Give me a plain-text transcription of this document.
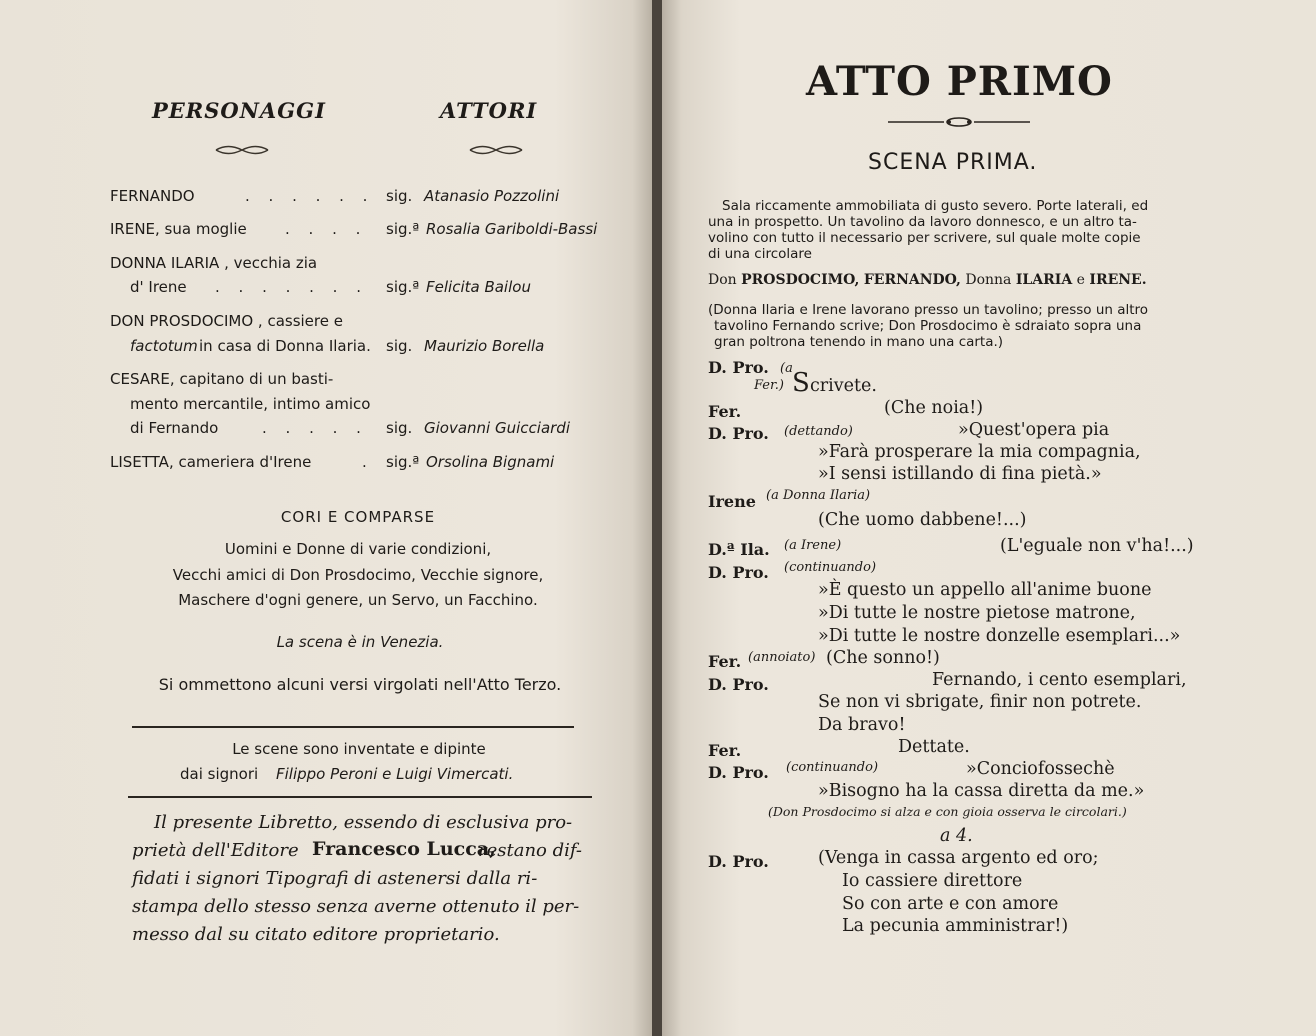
PERSONAGGI	ATTORI
FERNANDO	. . . . . . sig. Atanasio Pozzolini
IRENE, sua moglie	. . . . sig.ª Rosalia Gariboldi-Bassi
DONNA ILARIA , vecchia zia
d' Irene . . . . . . . sig.ª Felicita Bailou
DON PROSDOCIMO , cassiere e
factotum in casa di Donna Ilaria. sig. Maurizio Borella
CESARE, capitano di un basti-
mento mercantile, intimo amico
di Fernando	. . . . . sig. Giovanni Guicciardi
LISETTA, cameriera d'Irene	. sig.ª Orsolina Bignami
CORI E COMPARSE
Uomini e Donne di varie condizioni,
Vecchi amici di Don Prosdocimo, Vecchie signore,
Maschere d'ogni genere, un Servo, un Facchino.
La scena è in Venezia.
Si ommettono alcuni versi virgolati nell'Atto Terzo.
Le scene sono inventate e dipinte
dai signori Filippo Peroni e Luigi Vimercati.
Il presente Libretto, essendo di esclusiva pro-
prietà dell'Editore Francesco Lucca,
restano dif-
fidati i signori Tipografi di astenersi dalla ri-
stampa dello stesso senza averne ottenuto il per-
messo dal su citato editore proprietario.
ATTO PRIMO
SCENA PRIMA.
Sala riccamente ammobiliata di gusto severo. Porte laterali, ed
una in prospetto. Un tavolino da lavoro donnesco, e un altro ta-
volino con tutto il necessario per scrivere, sul quale molte copie
di una circolare
Don PROSDOCIMO, FERNANDO, Donna ILARIA e IRENE.
(Donna Ilaria e Irene lavorano presso un tavolino; presso un altro
tavolino Fernando scrive; Don Prosdocimo è sdraiato sopra una
gran poltrona tenendo in mano una carta.)
D. Pro. (a
Fer.) S crivete.
Fer.	(Che noia!)
D. Pro. (dettando)	»Quest'opera pia
»Farà prosperare la mia compagnia,
»I sensi istillando di fina pietà.»
Irene (a Donna Ilaria)
(Che uomo dabbene!...)
D.ª Ila. (a Irene)	(L'eguale non v'ha!...)
D. Pro. (continuando)
»È questo un appello all'anime buone
»Di tutte le nostre pietose matrone,
»Di tutte le nostre donzelle esemplari...»
Fer. (annoiato) (Che sonno!)
D. Pro.	Fernando, i cento esemplari,
Se non vi sbrigate, finir non potrete.
Da bravo!
Fer.	Dettate.
D. Pro. (continuando)	»Conciofossechè
»Bisogno ha la cassa diretta da me.»
(Don Prosdocimo si alza e con gioia osserva le circolari.)
a 4.
D. Pro.	(Venga in cassa argento ed oro;
Io cassiere direttore
So con arte e con amore
La pecunia amministrar!)
